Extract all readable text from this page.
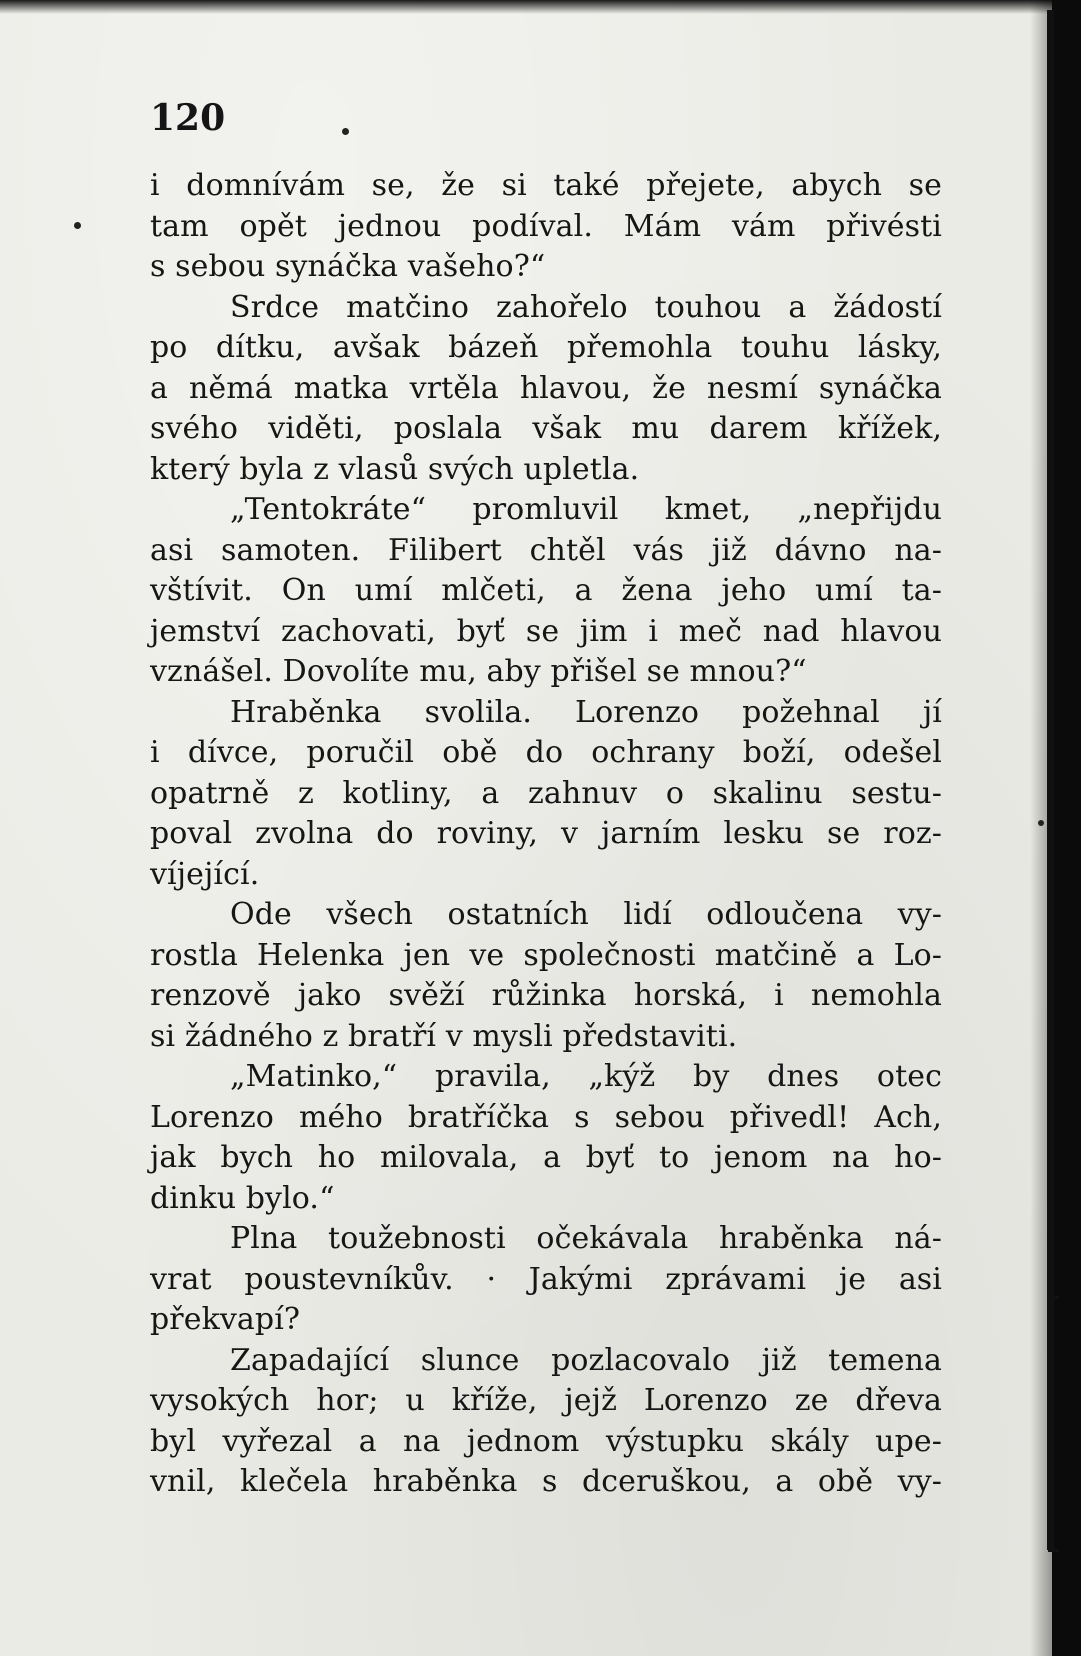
120
i domnívám se, že si také přejete, abych se
tam opět jednou podíval. Mám vám přivésti
s sebou synáčka vašeho?“
Srdce matčino zahořelo touhou a žádostí
po dítku, avšak bázeň přemohla touhu lásky,
a němá matka vrtěla hlavou, že nesmí synáčka
svého viděti, poslala však mu darem křížek,
který byla z vlasů svých upletla.
„Tentokráte“ promluvil kmet, „nepřijdu
asi samoten. Filibert chtěl vás již dávno na-
vštívit. On umí mlčeti, a žena jeho umí ta-
jemství zachovati, byť se jim i meč nad hlavou
vznášel. Dovolíte mu, aby přišel se mnou?“
Hraběnka svolila. Lorenzo požehnal jí
i dívce, poručil obě do ochrany boží, odešel
opatrně z kotliny, a zahnuv o skalinu sestu-
poval zvolna do roviny, v jarním lesku se roz-
víjející.
Ode všech ostatních lidí odloučena vy-
rostla Helenka jen ve společnosti matčině a Lo-
renzově jako svěží růžinka horská, i nemohla
si žádného z bratří v mysli představiti.
„Matinko,“ pravila, „kýž by dnes otec
Lorenzo mého bratříčka s sebou přivedl! Ach,
jak bych ho milovala, a byť to jenom na ho-
dinku bylo.“
Plna toužebnosti očekávala hraběnka ná-
vrat poustevníkův. · Jakými zprávami je asi
překvapí?
Zapadající slunce pozlacovalo již temena
vysokých hor; u kříže, jejž Lorenzo ze dřeva
byl vyřezal a na jednom výstupku skály upe-
vnil, klečela hraběnka s dceruškou, a obě vy-
